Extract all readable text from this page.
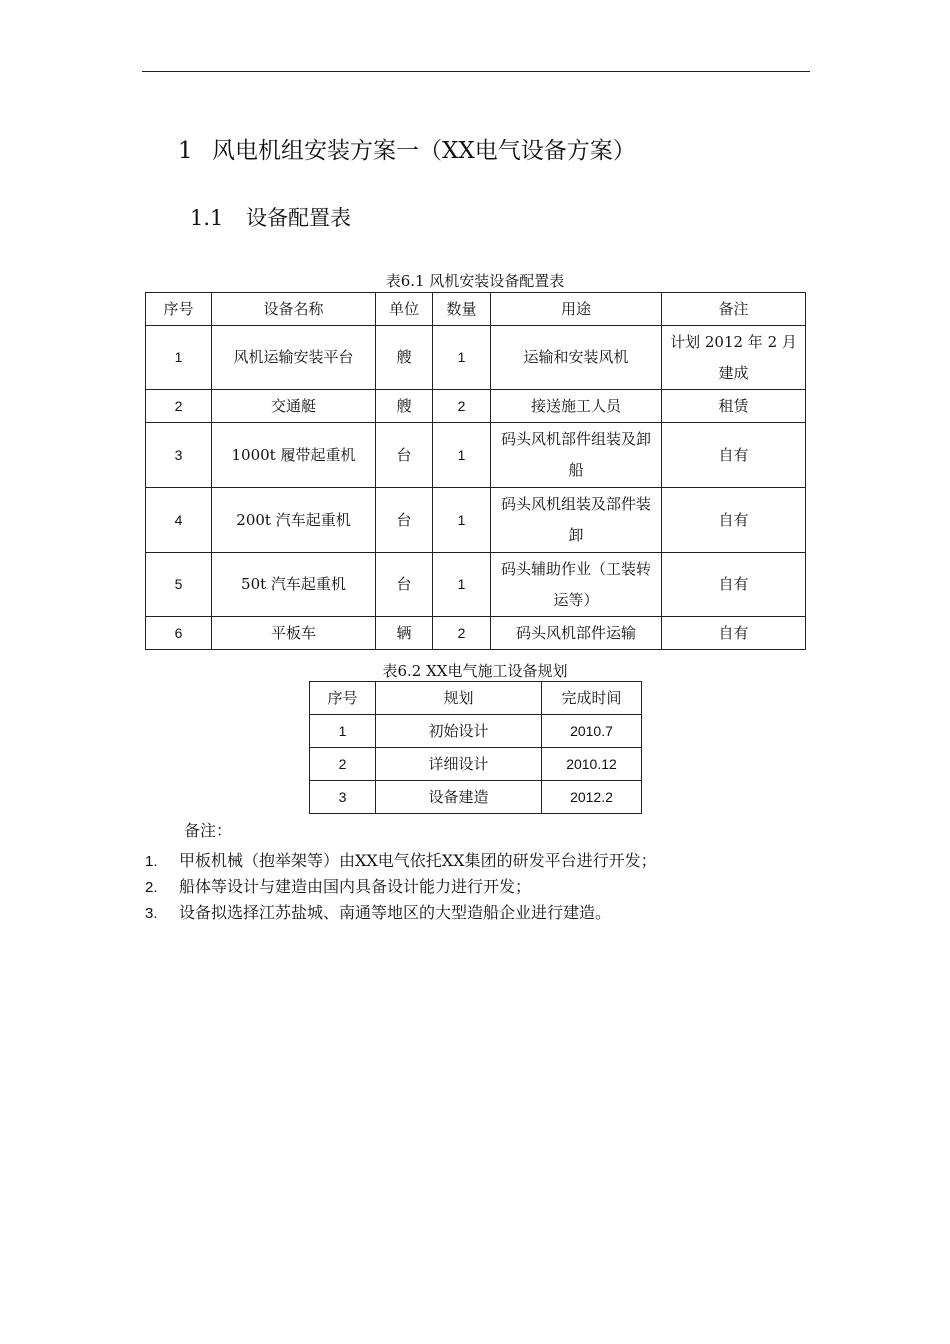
1 风电机组安装方案一（XX电气设备方案）
1.1 设备配置表
表6.1 风机安装设备配置表
序号	设备名称	单位	数量	用途	备注
1	风机运输安装平台	艘	1	运输和安装风机	计划 2012 年 2 月建成
2	交通艇	艘	2	接送施工人员	租赁
3	1000t 履带起重机	台	1	码头风机部件组装及卸船	自有
4	200t 汽车起重机	台	1	码头风机组装及部件装卸	自有
5	50t 汽车起重机	台	1	码头辅助作业（工装转运等）	自有
6	平板车	辆	2	码头风机部件运输	自有
表6.2 XX电气施工设备规划
序号	规划	完成时间
1	初始设计	2010.7
2	详细设计	2010.12
3	设备建造	2012.2
备注：
1. 甲板机械（抱举架等）由XX电气依托XX集团的研发平台进行开发；
2. 船体等设计与建造由国内具备设计能力进行开发；
3. 设备拟选择江苏盐城、南通等地区的大型造船企业进行建造。
